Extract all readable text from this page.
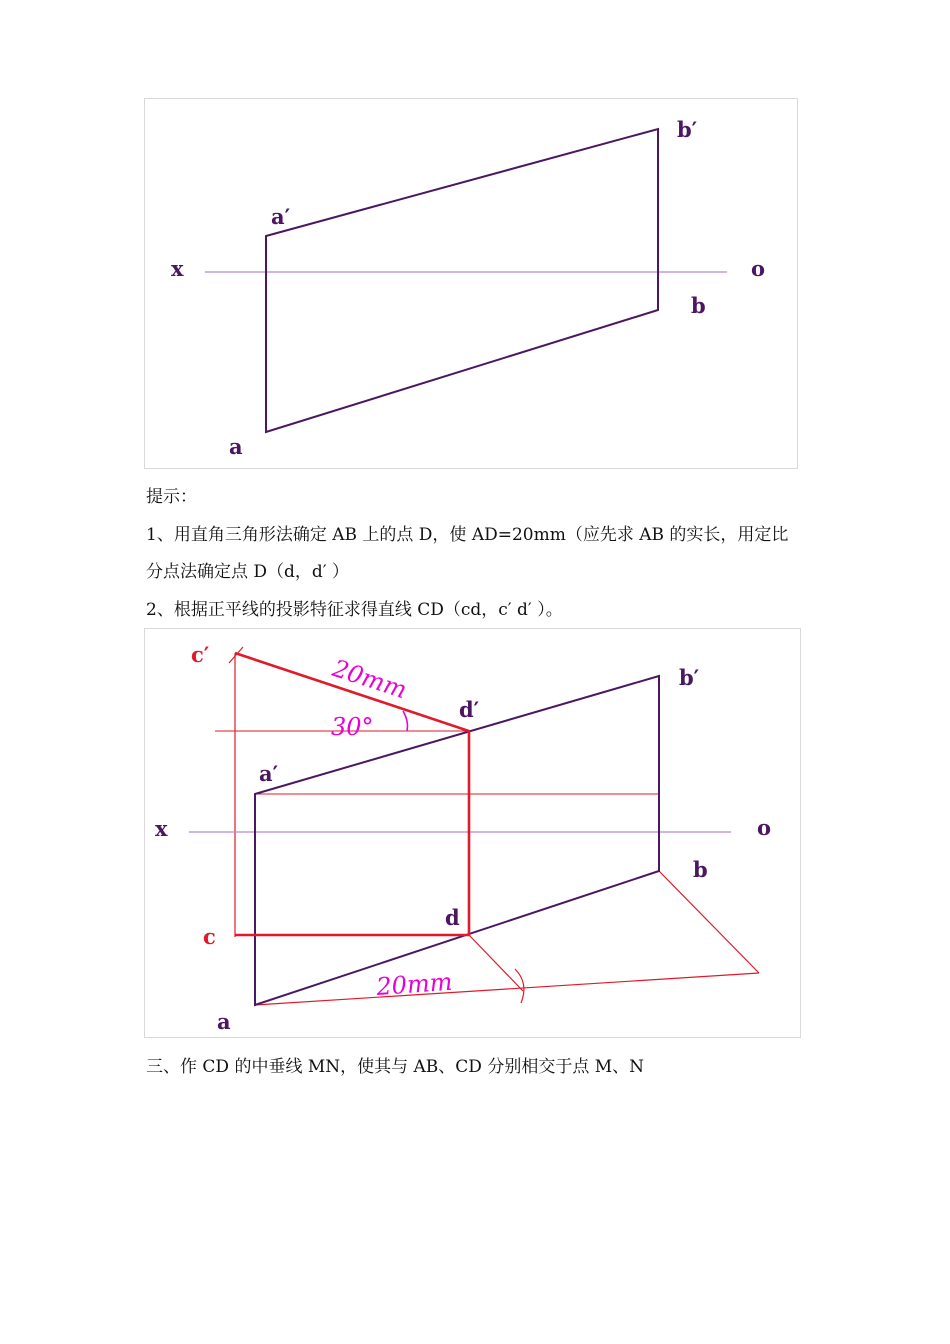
a′
b′
x	o
b
a
提示：
1、用直角三角形法确定 AB 上的点 D，使 AD=20mm（应先求 AB 的实长，用定比
分点法确定点 D（d，d′ ）
2、根据正平线的投影特征求得直线 CD（cd，c′ d′ ）。
20mm
30°
20mm
c′
b′
d′
a′
x	o
b
d
c
a
三、作 CD 的中垂线 MN，使其与 AB、CD 分别相交于点 M、N
